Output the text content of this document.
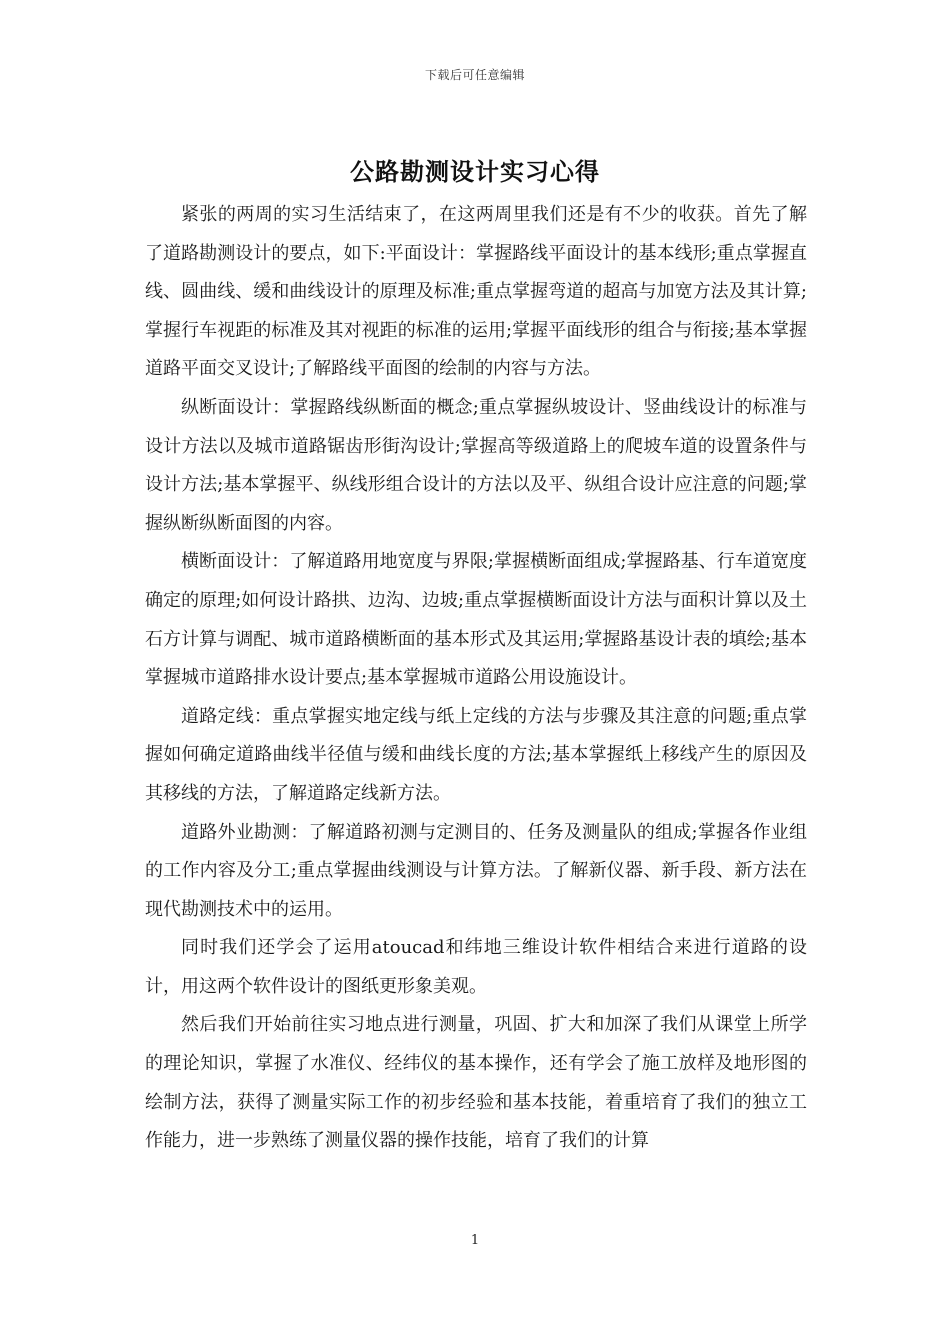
下载后可任意编辑
公路勘测设计实习心得

紧张的两周的实习生活结束了，在这两周里我们还是有不少的收获。首先了解了道路勘测设计的要点，如下:平面设计：掌握路线平面设计的基本线形;重点掌握直线、圆曲线、缓和曲线设计的原理及标准;重点掌握弯道的超高与加宽方法及其计算;掌握行车视距的标准及其对视距的标准的运用;掌握平面线形的组合与衔接;基本掌握道路平面交叉设计;了解路线平面图的绘制的内容与方法。

纵断面设计：掌握路线纵断面的概念;重点掌握纵坡设计、竖曲线设计的标准与设计方法以及城市道路锯齿形街沟设计;掌握高等级道路上的爬坡车道的设置条件与设计方法;基本掌握平、纵线形组合设计的方法以及平、纵组合设计应注意的问题;掌握纵断纵断面图的内容。

横断面设计：了解道路用地宽度与界限;掌握横断面组成;掌握路基、行车道宽度确定的原理;如何设计路拱、边沟、边坡;重点掌握横断面设计方法与面积计算以及土石方计算与调配、城市道路横断面的基本形式及其运用;掌握路基设计表的填绘;基本掌握城市道路排水设计要点;基本掌握城市道路公用设施设计。

道路定线：重点掌握实地定线与纸上定线的方法与步骤及其注意的问题;重点掌握如何确定道路曲线半径值与缓和曲线长度的方法;基本掌握纸上移线产生的原因及其移线的方法，了解道路定线新方法。

道路外业勘测：了解道路初测与定测目的、任务及测量队的组成;掌握各作业组的工作内容及分工;重点掌握曲线测设与计算方法。了解新仪器、新手段、新方法在现代勘测技术中的运用。

同时我们还学会了运用atoucad和纬地三维设计软件相结合来进行道路的设计，用这两个软件设计的图纸更形象美观。

然后我们开始前往实习地点进行测量，巩固、扩大和加深了我们从课堂上所学的理论知识，掌握了水准仪、经纬仪的基本操作，还有学会了施工放样及地形图的绘制方法，获得了测量实际工作的初步经验和基本技能，着重培育了我们的独立工作能力，进一步熟练了测量仪器的操作技能，培育了我们的计算

1
